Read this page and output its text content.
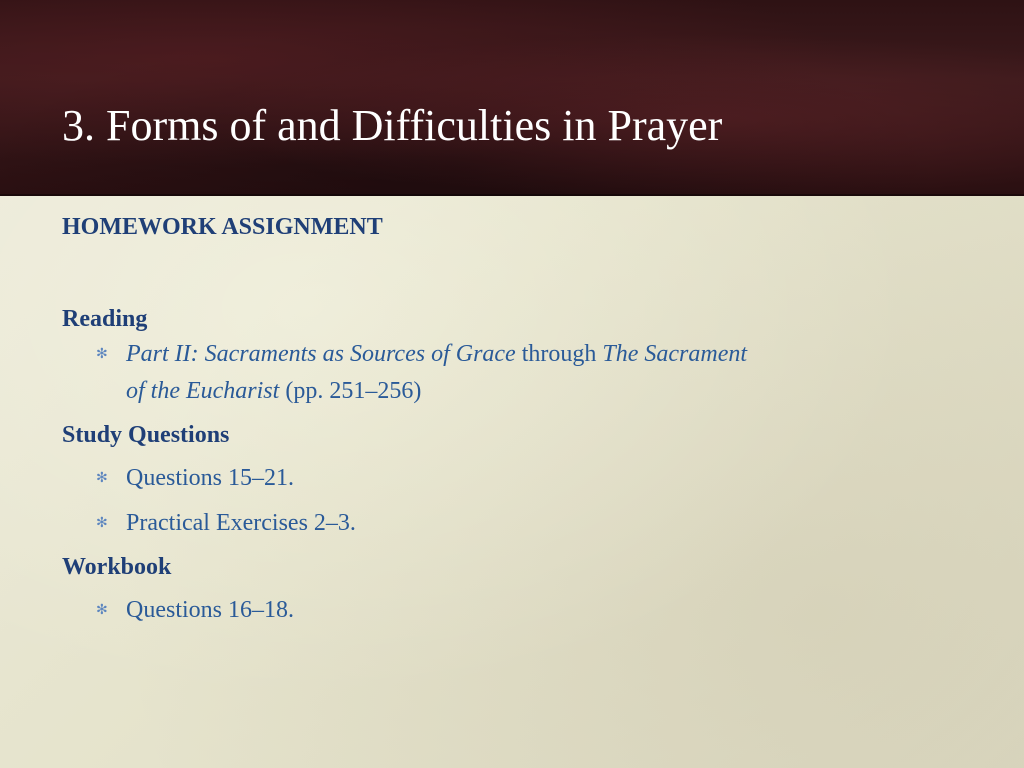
3. Forms of and Difficulties in Prayer

HOMEWORK ASSIGNMENT

Reading

✻ Part II: Sacraments as Sources of Grace through The Sacrament of the Eucharist (pp. 251–256)

Study Questions

✻ Questions 15–21.
✻ Practical Exercises 2–3.

Workbook

✻ Questions 16–18.
